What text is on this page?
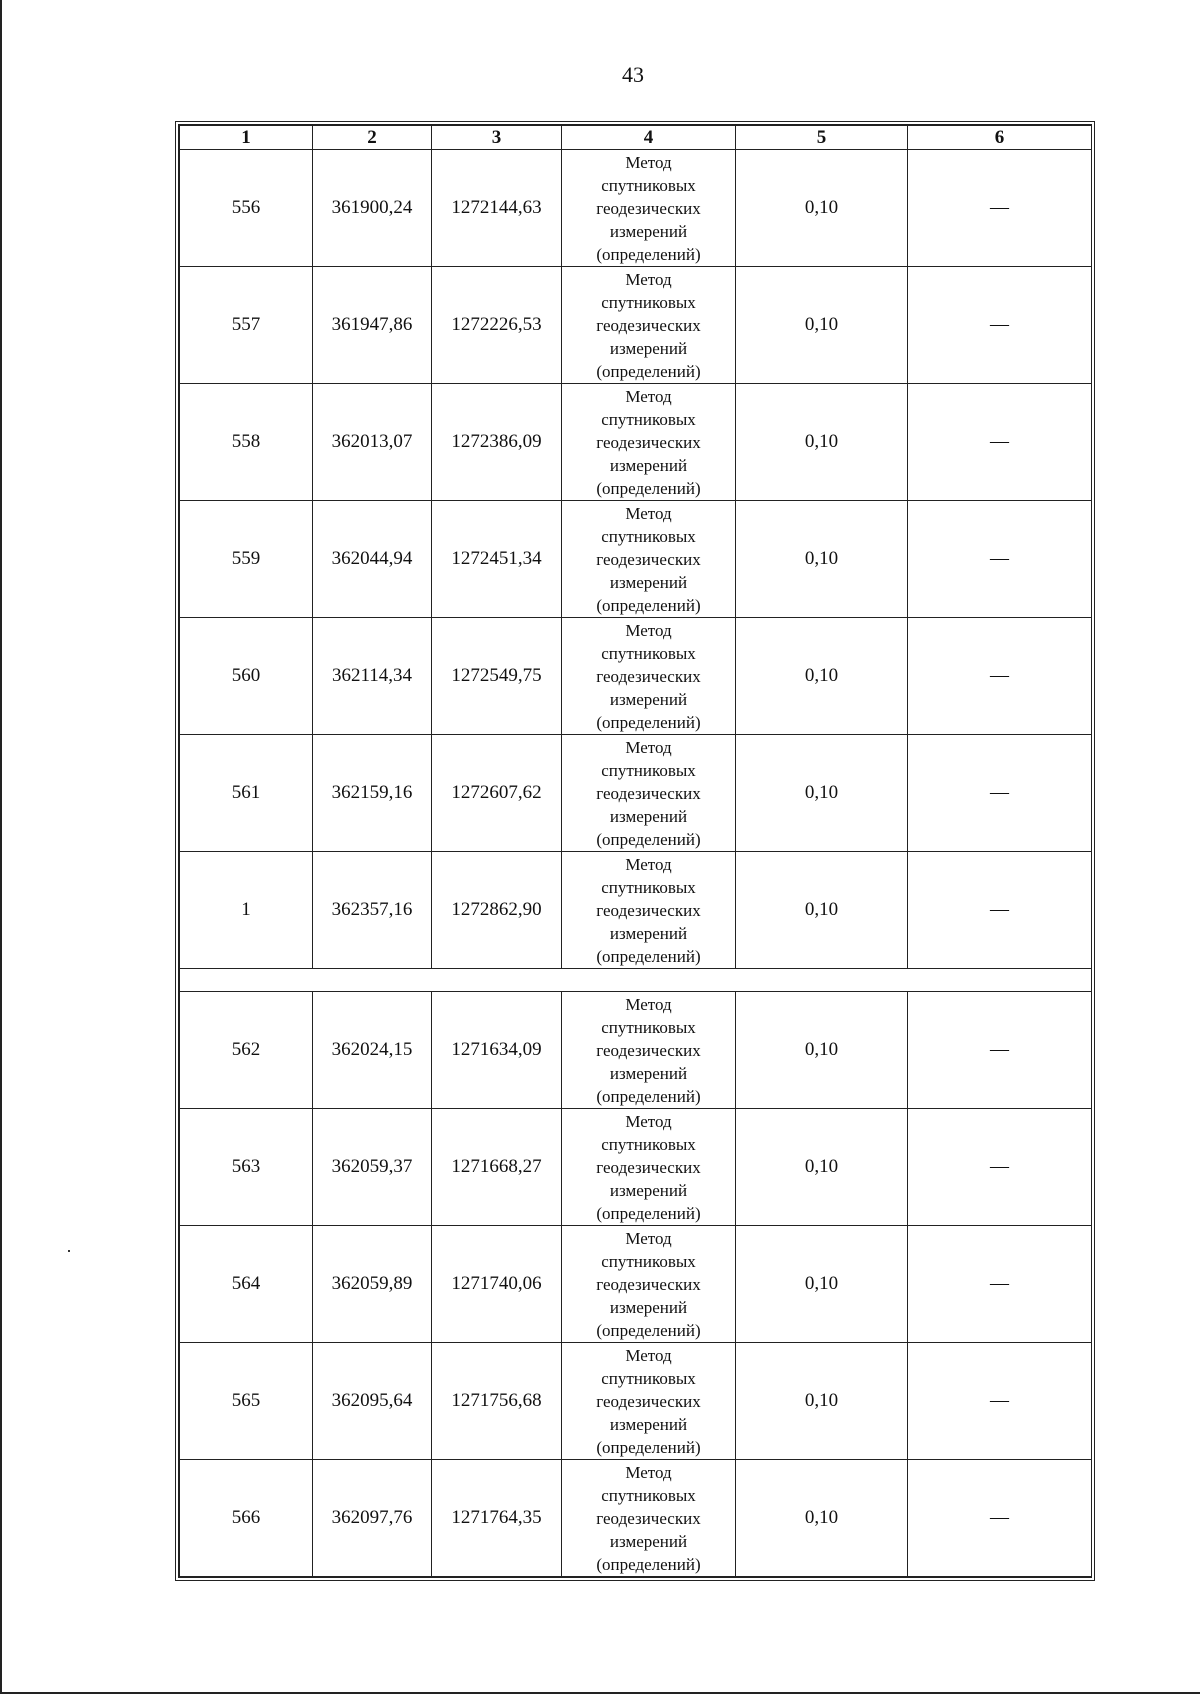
43
1	2	3	4	5	6
556	361900,24	1272144,63	Метод
спутниковых
геодезических
измерений
(определений)	0,10	—
557	361947,86	1272226,53	Метод
спутниковых
геодезических
измерений
(определений)	0,10	—
558	362013,07	1272386,09	Метод
спутниковых
геодезических
измерений
(определений)	0,10	—
559	362044,94	1272451,34	Метод
спутниковых
геодезических
измерений
(определений)	0,10	—
560	362114,34	1272549,75	Метод
спутниковых
геодезических
измерений
(определений)	0,10	—
561	362159,16	1272607,62	Метод
спутниковых
геодезических
измерений
(определений)	0,10	—
1	362357,16	1272862,90	Метод
спутниковых
геодезических
измерений
(определений)	0,10	—

562	362024,15	1271634,09	Метод
спутниковых
геодезических
измерений
(определений)	0,10	—
563	362059,37	1271668,27	Метод
спутниковых
геодезических
измерений
(определений)	0,10	—
564	362059,89	1271740,06	Метод
спутниковых
геодезических
измерений
(определений)	0,10	—
565	362095,64	1271756,68	Метод
спутниковых
геодезических
измерений
(определений)	0,10	—
566	362097,76	1271764,35	Метод
спутниковых
геодезических
измерений
(определений)	0,10	—
